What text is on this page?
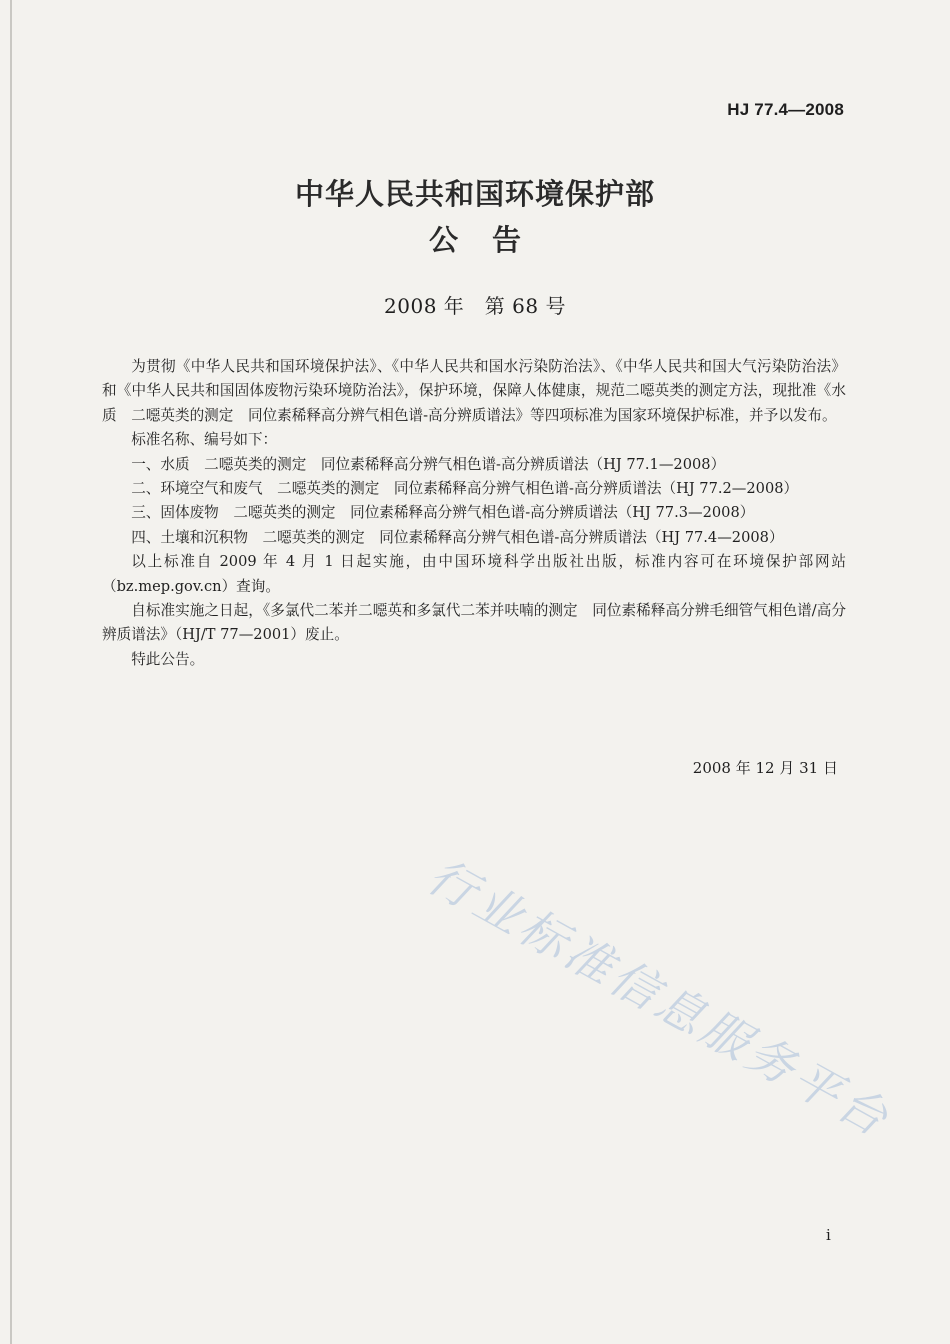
HJ 77.4—2008
中华人民共和国环境保护部
公告
2008 年　第 68 号

为贯彻《中华人民共和国环境保护法》、《中华人民共和国水污染防治法》、《中华人民共和国大气污染防治法》和《中华人民共和国固体废物污染环境防治法》，保护环境，保障人体健康，规范二噁英类的测定方法，现批准《水质　二噁英类的测定　同位素稀释高分辨气相色谱-高分辨质谱法》等四项标准为国家环境保护标准，并予以发布。

标准名称、编号如下：

一、水质　二噁英类的测定　同位素稀释高分辨气相色谱-高分辨质谱法（HJ 77.1—2008）

二、环境空气和废气　二噁英类的测定　同位素稀释高分辨气相色谱-高分辨质谱法（HJ 77.2—2008）

三、固体废物　二噁英类的测定　同位素稀释高分辨气相色谱-高分辨质谱法（HJ 77.3—2008）

四、土壤和沉积物　二噁英类的测定　同位素稀释高分辨气相色谱-高分辨质谱法（HJ 77.4—2008）

以上标准自 2009 年 4 月 1 日起实施，由中国环境科学出版社出版，标准内容可在环境保护部网站（bz.mep.gov.cn）查询。

自标准实施之日起，《多氯代二苯并二噁英和多氯代二苯并呋喃的测定　同位素稀释高分辨毛细管气相色谱/高分辨质谱法》（HJ/T 77—2001）废止。

特此公告。

2008 年 12 月 31 日
行业标准信息服务平台
i
